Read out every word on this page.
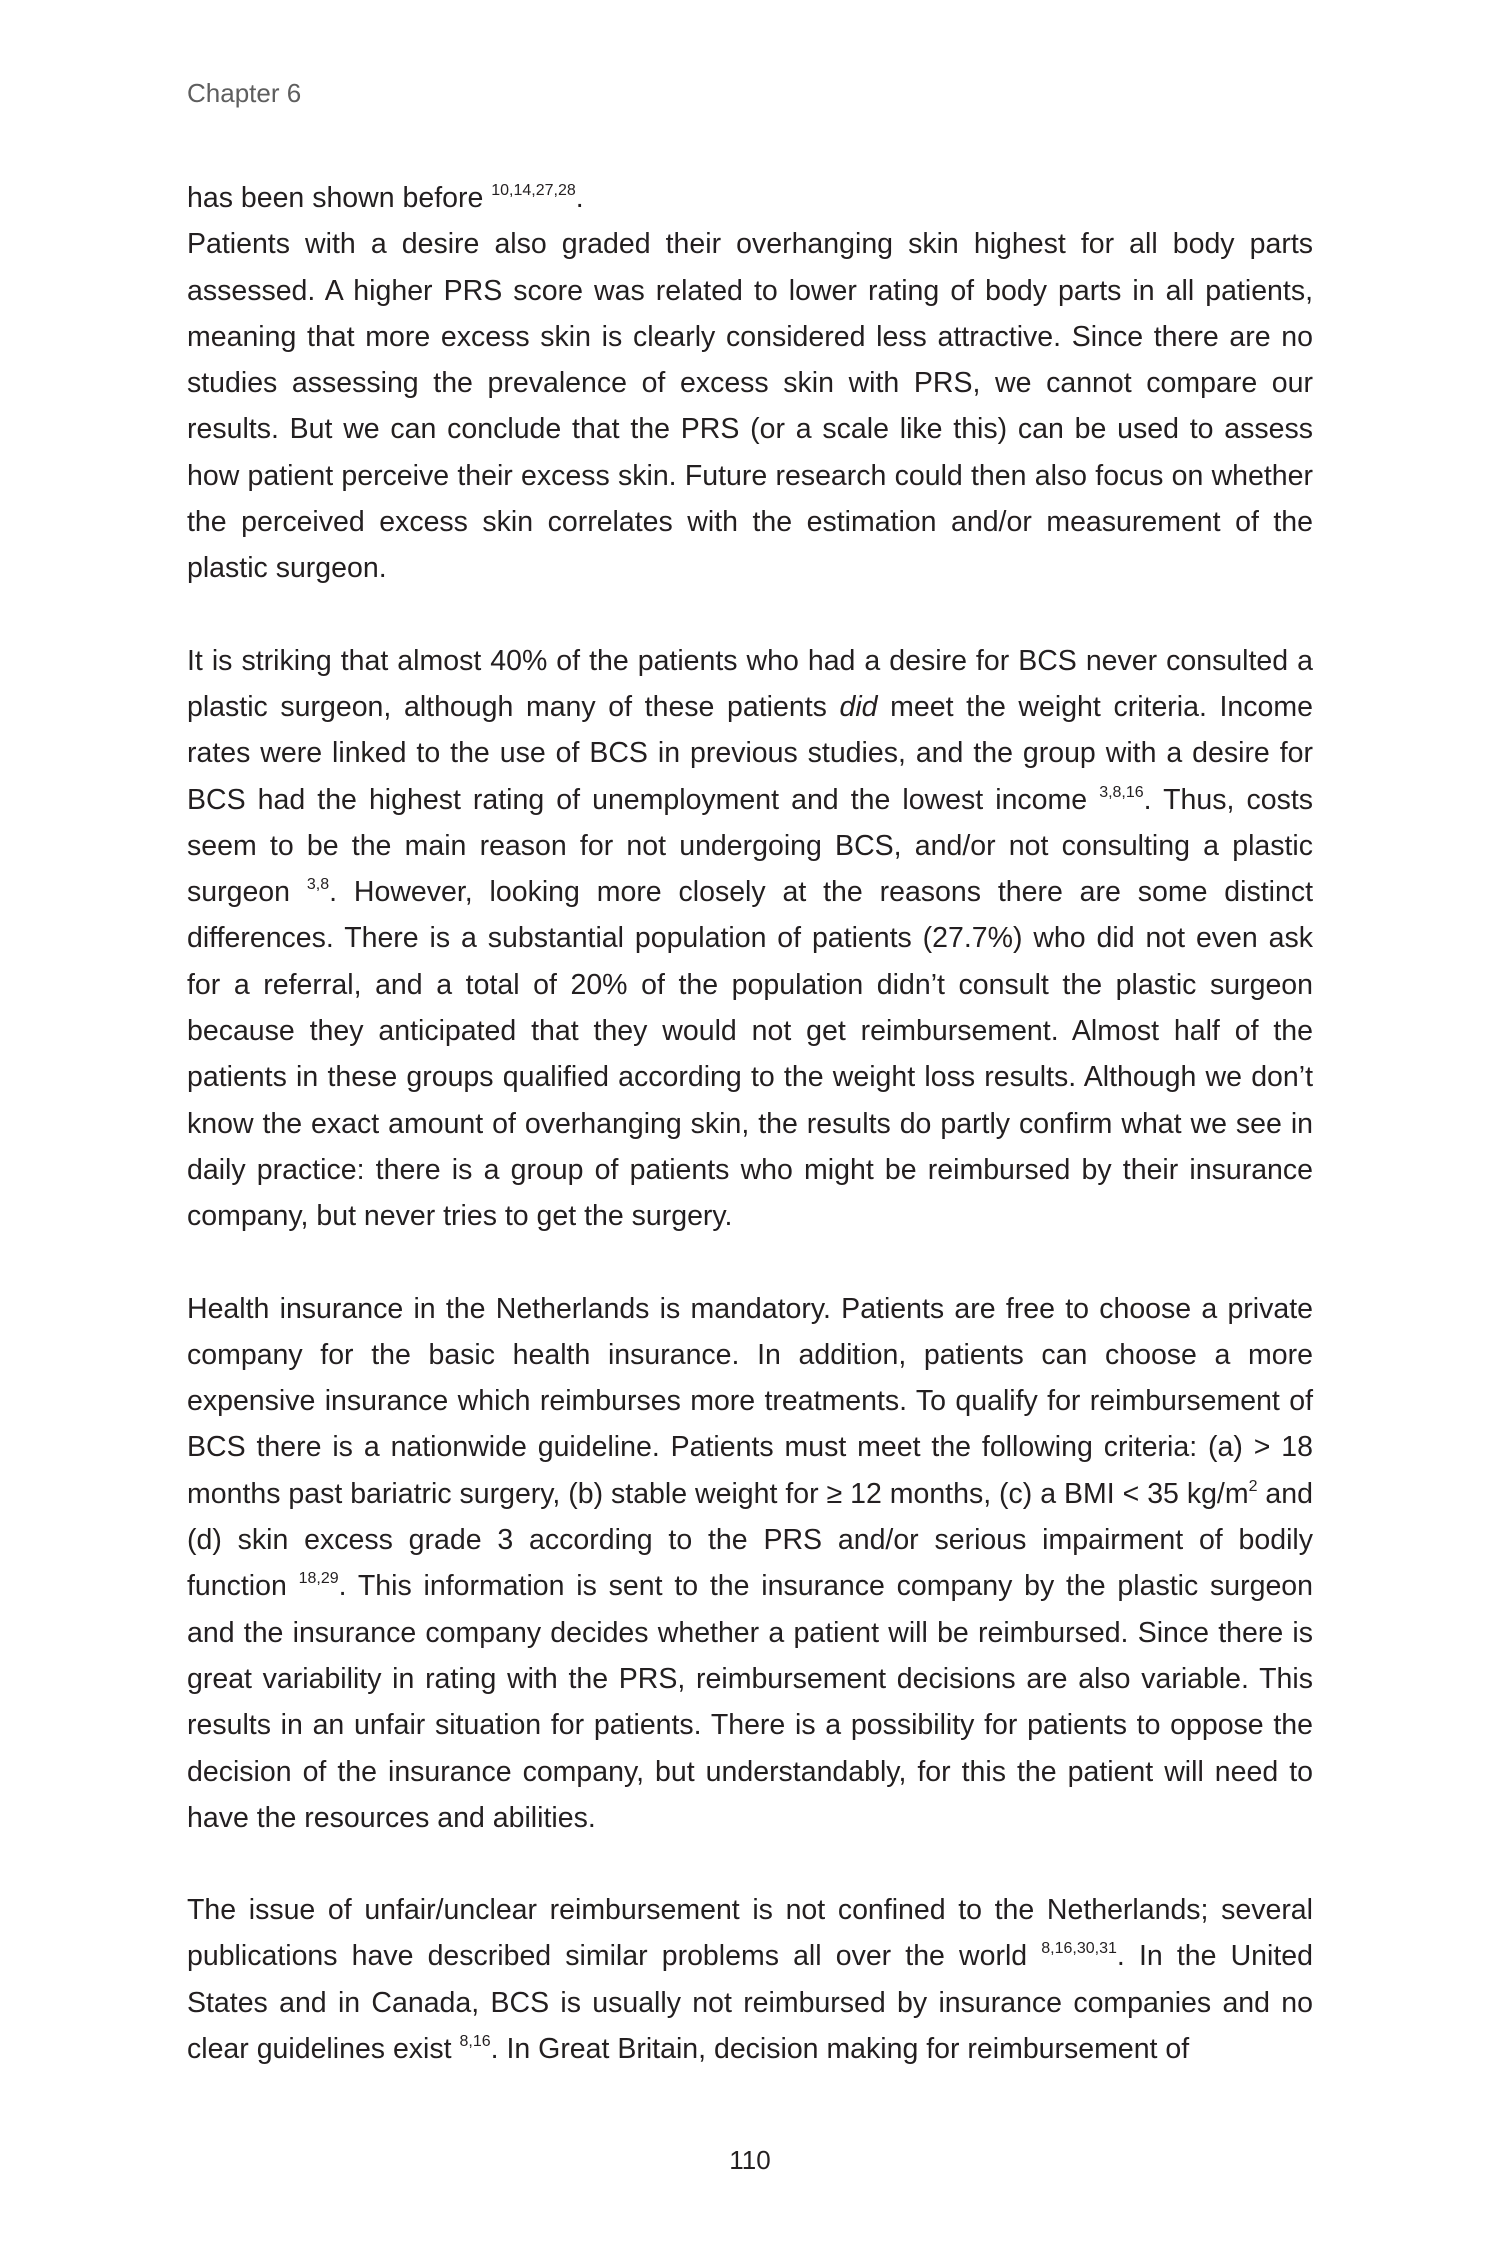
Chapter 6

has been shown before $^{10,14,27,28}$.

Patients with a desire also graded their overhanging skin highest for all body parts assessed. A higher PRS score was related to lower rating of body parts in all patients, meaning that more excess skin is clearly considered less attractive. Since there are no studies assessing the prevalence of excess skin with PRS, we cannot compare our results. But we can conclude that the PRS (or a scale like this) can be used to assess how patient perceive their excess skin. Future research could then also focus on whether the perceived excess skin correlates with the estimation and/or measurement of the plastic surgeon.

It is striking that almost 40% of the patients who had a desire for BCS never consulted a plastic surgeon, although many of these patients did meet the weight criteria. Income rates were linked to the use of BCS in previous studies, and the group with a desire for BCS had the highest rating of unemployment and the lowest income $^{3,8,16}$. Thus, costs seem to be the main reason for not undergoing BCS, and/or not consulting a plastic surgeon $^{3,8}$. However, looking more closely at the reasons there are some distinct differences. There is a substantial population of patients (27.7%) who did not even ask for a referral, and a total of 20% of the population didn’t consult the plastic surgeon because they anticipated that they would not get reimbursement. Almost half of the patients in these groups qualified according to the weight loss results. Although we don’t know the exact amount of overhanging skin, the results do partly confirm what we see in daily practice: there is a group of patients who might be reimbursed by their insurance company, but never tries to get the surgery.

Health insurance in the Netherlands is mandatory. Patients are free to choose a private company for the basic health insurance. In addition, patients can choose a more expensive insurance which reimburses more treatments. To qualify for reimbursement of BCS there is a nationwide guideline. Patients must meet the following criteria: (a) > 18 months past bariatric surgery, (b) stable weight for ≥ 12 months, (c) a BMI < 35 $kg/m^2$ and (d) skin excess grade 3 according to the PRS and/or serious impairment of bodily function $^{18,29}$. This information is sent to the insurance company by the plastic surgeon and the insurance company decides whether a patient will be reimbursed. Since there is great variability in rating with the PRS, reimbursement decisions are also variable. This results in an unfair situation for patients. There is a possibility for patients to oppose the decision of the insurance company, but understandably, for this the patient will need to have the resources and abilities.

The issue of unfair/unclear reimbursement is not confined to the Netherlands; several publications have described similar problems all over the world $^{8,16,30,31}$. In the United States and in Canada, BCS is usually not reimbursed by insurance companies and no clear guidelines exist $^{8,16}$. In Great Britain, decision making for reimbursement of

110
